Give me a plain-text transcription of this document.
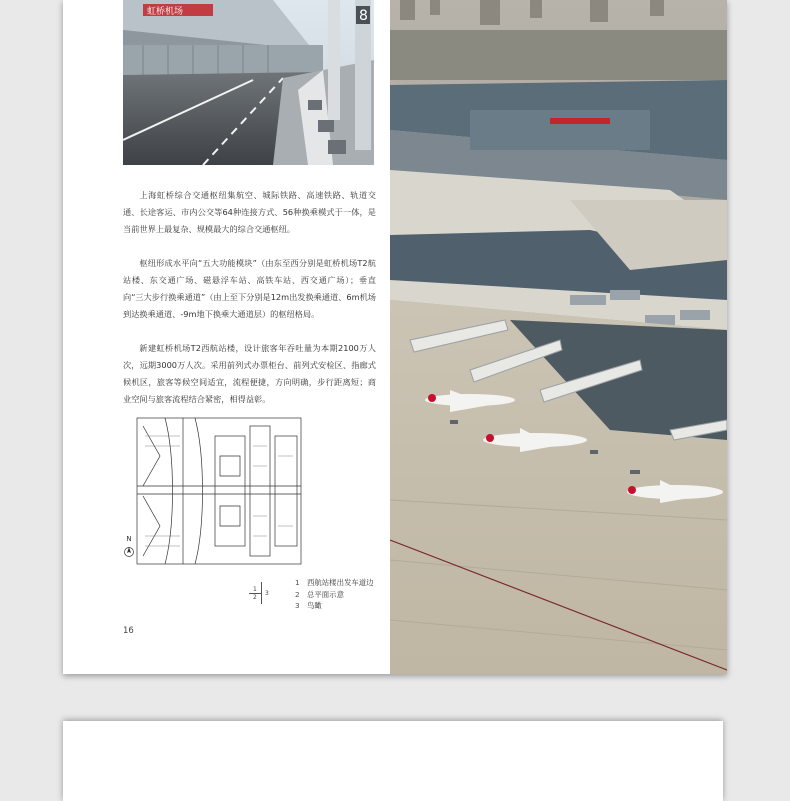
虹桥机场	8

上海虹桥综合交通枢纽集航空、城际铁路、高速铁路、轨道交通、长途客运、市内公交等64种连接方式、56种换乘模式于一体，是当前世界上最复杂、规模最大的综合交通枢纽。

枢纽形成水平向“五大功能模块”（由东至西分别是虹桥机场T2航站楼、东交通广场、磁悬浮车站、高铁车站、西交通广场）；垂直向“三大步行换乘通道”（由上至下分别是12m出发换乘通道、6m机场到达换乘通道、-9m地下换乘大通道层）的枢纽格局。

新建虹桥机场T2西航站楼，设计旅客年吞吐量为本期2100万人次，远期3000万人次。采用前列式办票柜台、前列式安检区、指廊式候机区，旅客等候空间适宜，流程便捷，方向明确，步行距离短；商业空间与旅客流程结合紧密，相得益彰。

N
1
2
3
1 西航站楼出发车道边
2 总平面示意
3 鸟瞰
16
